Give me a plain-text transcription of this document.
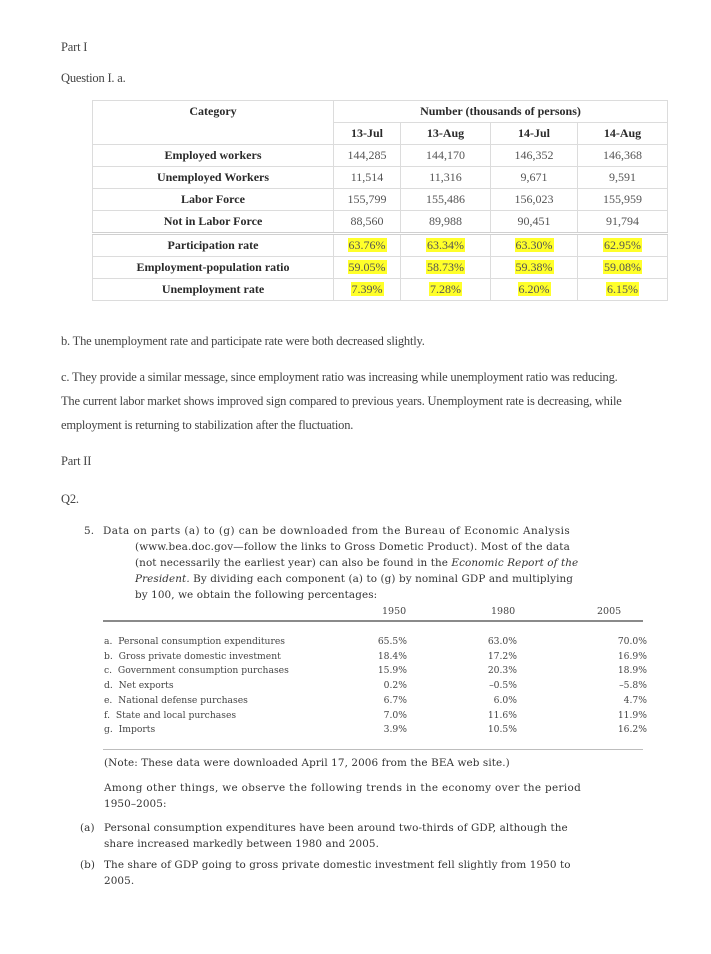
Part I
Question I. a.
Category	Number (thousands of persons)			
	13-Jul	13-Aug	14-Jul	14-Aug
Employed workers	144,285	144,170	146,352	146,368
Unemployed Workers	11,514	11,316	9,671	9,591
Labor Force	155,799	155,486	156,023	155,959
Not in Labor Force	88,560	89,988	90,451	91,794
Participation rate	63.76%	63.34%	63.30%	62.95%
Employment-population ratio	59.05%	58.73%	59.38%	59.08%
Unemployment rate	7.39%	7.28%	6.20%	6.15%
b. The unemployment rate and participate rate were both decreased slightly.
c. They provide a similar message, since employment ratio was increasing while unemployment ratio was reducing.
The current labor market shows improved sign compared to previous years. Unemployment rate is decreasing, while
employment is returning to stabilization after the fluctuation.
Part II
Q2.
5. Data on parts (a) to (g) can be downloaded from the Bureau of Economic Analysis
(www.bea.doc.gov—follow the links to Gross Dometic Product). Most of the data
(not necessarily the earliest year) can also be found in the Economic Report of the
President. By dividing each component (a) to (g) by nominal GDP and multiplying
by 100, we obtain the following percentages:
1950	1980	2005
a.  Personal consumption expenditures	65.5%	63.0%	70.0%
b.  Gross private domestic investment	18.4%	17.2%	16.9%
c.  Government consumption purchases	15.9%	20.3%	18.9%
d.  Net exports	0.2%	–0.5%	–5.8%
e.  National defense purchases	6.7%	6.0%	4.7%
f.  State and local purchases	7.0%	11.6%	11.9%
g.  Imports	3.9%	10.5%	16.2%
(Note: These data were downloaded April 17, 2006 from the BEA web site.)
Among other things, we observe the following trends in the economy over the period
1950–2005:
(a) Personal consumption expenditures have been around two-thirds of GDP, although the
share increased markedly between 1980 and 2005.
(b) The share of GDP going to gross private domestic investment fell slightly from 1950 to
2005.
